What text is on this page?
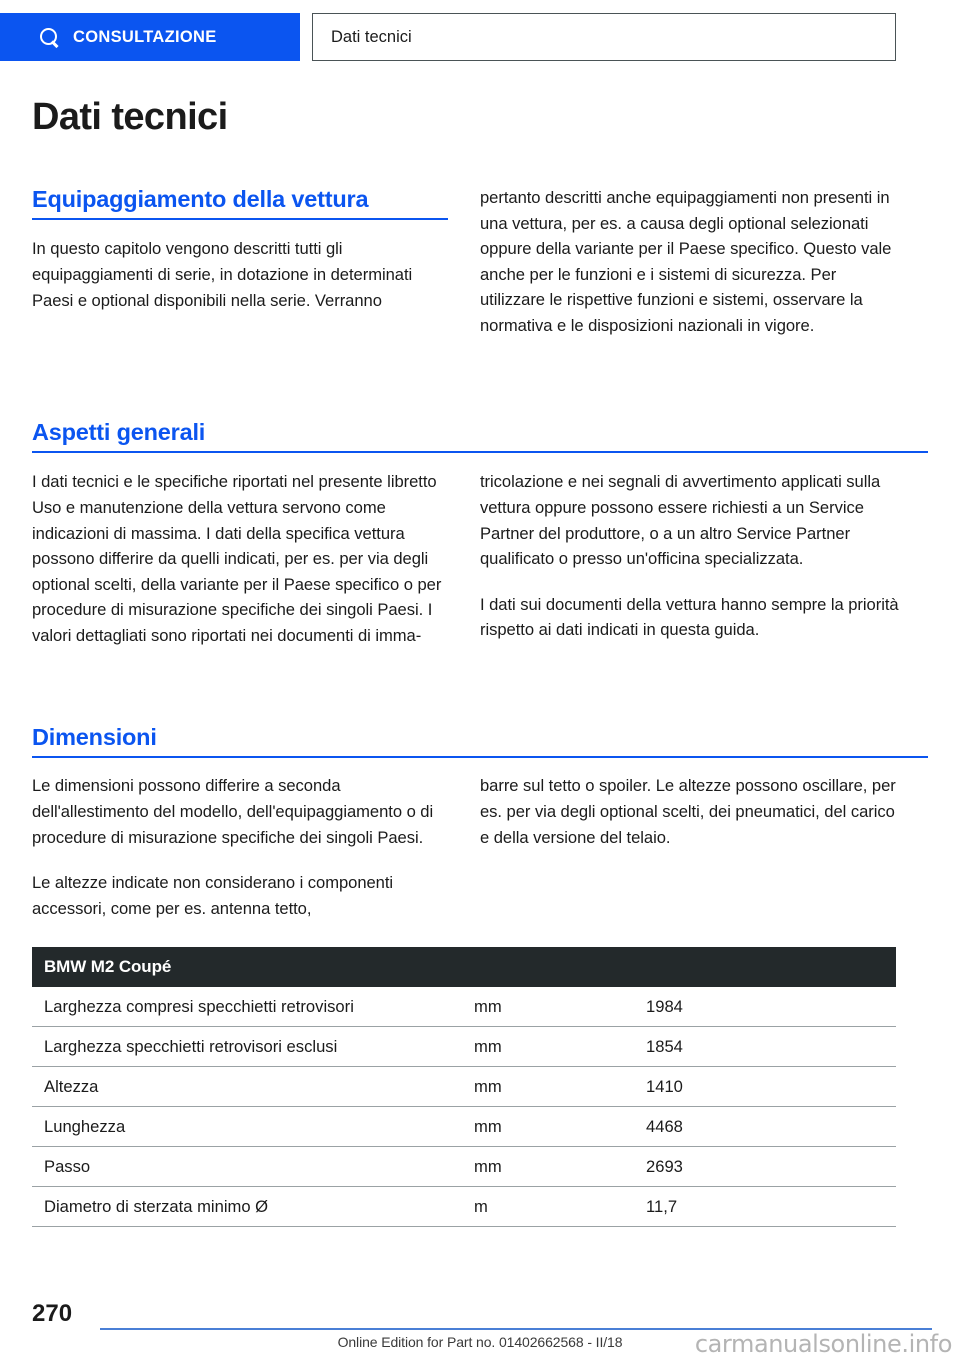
CONSULTAZIONE	Dati tecnici
Dati tecnici
Equipaggiamento della vettura

In questo capitolo vengono descritti tutti gli equipaggiamenti di serie, in dotazione in determinati Paesi e optional disponibili nella serie. Verranno

pertanto descritti anche equipaggiamenti non presenti in una vettura, per es. a causa degli optional selezionati oppure della variante per il Paese specifico. Questo vale anche per le funzioni e i sistemi di sicurezza. Per utilizzare le rispettive funzioni e sistemi, osservare la normativa e le disposizioni nazionali in vigore.

Aspetti generali

I dati tecnici e le specifiche riportati nel presente libretto Uso e manutenzione della vettura servono come indicazioni di massima. I dati della specifica vettura possono differire da quelli indicati, per es. per via degli optional scelti, della variante per il Paese specifico o per procedure di misurazione specifiche dei singoli Paesi. I valori dettagliati sono riportati nei documenti di imma-

tricolazione e nei segnali di avvertimento applicati sulla vettura oppure possono essere richiesti a un Service Partner del produttore, o a un altro Service Partner qualificato o presso un'officina specializzata.

I dati sui documenti della vettura hanno sempre la priorità rispetto ai dati indicati in questa guida.

Dimensioni

Le dimensioni possono differire a seconda dell'allestimento del modello, dell'equipaggiamento o di procedure di misurazione specifiche dei singoli Paesi.

Le altezze indicate non considerano i componenti accessori, come per es. antenna tetto,

barre sul tetto o spoiler. Le altezze possono oscillare, per es. per via degli optional scelti, dei pneumatici, del carico e della versione del telaio.

BMW M2 Coupé
Larghezza compresi specchietti retrovisori	mm	1984
Larghezza specchietti retrovisori esclusi	mm	1854
Altezza	mm	1410
Lunghezza	mm	4468
Passo	mm	2693
Diametro di sterzata minimo Ø	m	11,7
270
Online Edition for Part no. 01402662568 - II/18	carmanualsonline.info
